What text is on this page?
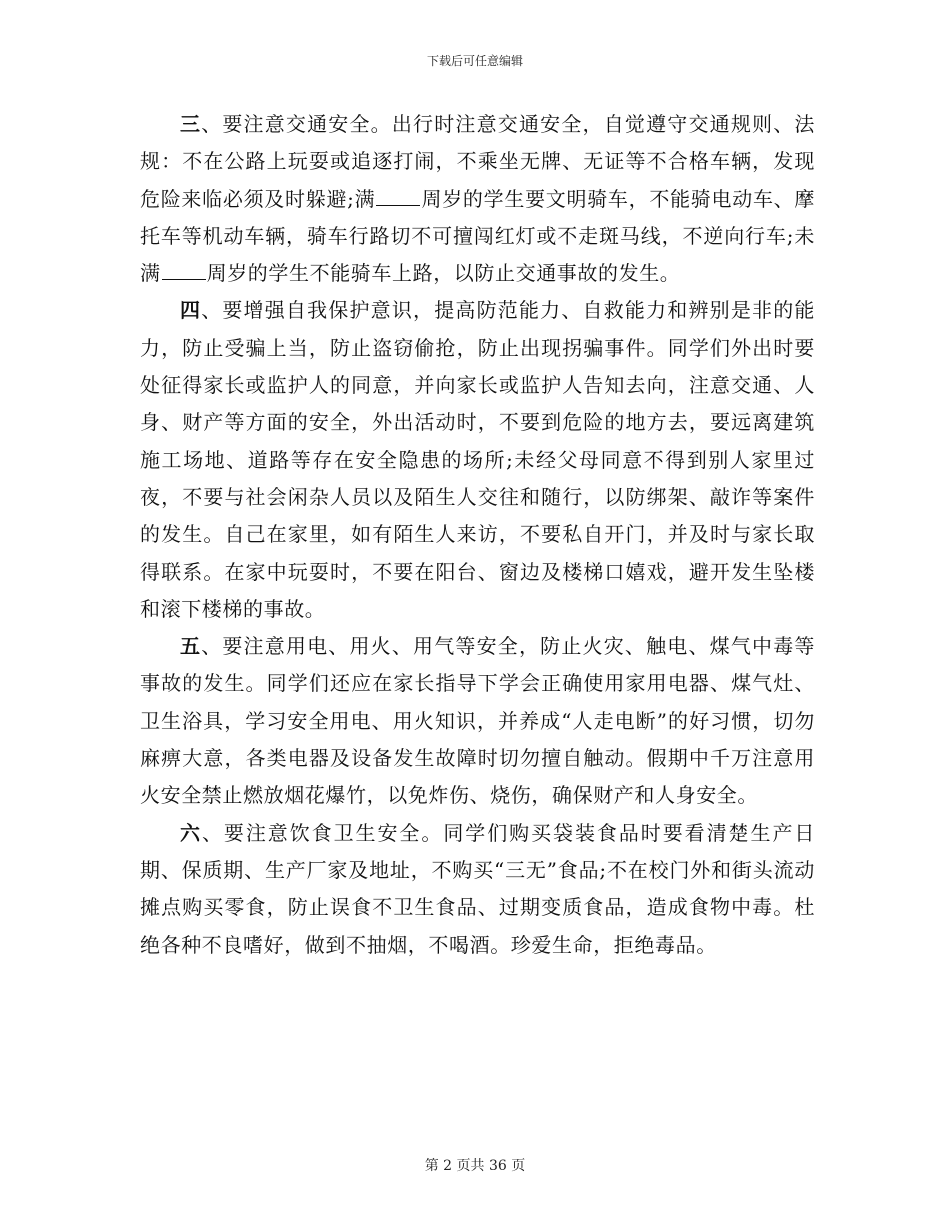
下载后可任意编辑

三、要注意交通安全。出行时注意交通安全，自觉遵守交通规则、法规：不在公路上玩耍或追逐打闹，不乘坐无牌、无证等不合格车辆，发现危险来临必须及时躲避;满 周岁的学生要文明骑车，不能骑电动车、摩托车等机动车辆，骑车行路切不可擅闯红灯或不走斑马线，不逆向行车;未满 周岁的学生不能骑车上路，以防止交通事故的发生。

四、要增强自我保护意识，提高防范能力、自救能力和辨别是非的能力，防止受骗上当，防止盗窃偷抢，防止出现拐骗事件。同学们外出时要处征得家长或监护人的同意，并向家长或监护人告知去向，注意交通、人身、财产等方面的安全，外出活动时，不要到危险的地方去，要远离建筑施工场地、道路等存在安全隐患的场所;未经父母同意不得到别人家里过夜，不要与社会闲杂人员以及陌生人交往和随行，以防绑架、敲诈等案件的发生。自己在家里，如有陌生人来访，不要私自开门，并及时与家长取得联系。在家中玩耍时，不要在阳台、窗边及楼梯口嬉戏，避开发生坠楼和滚下楼梯的事故。

五、要注意用电、用火、用气等安全，防止火灾、触电、煤气中毒等事故的发生。同学们还应在家长指导下学会正确使用家用电器、煤气灶、卫生浴具，学习安全用电、用火知识，并养成“人走电断”的好习惯，切勿麻痹大意，各类电器及设备发生故障时切勿擅自触动。假期中千万注意用火安全禁止燃放烟花爆竹，以免炸伤、烧伤，确保财产和人身安全。

六、要注意饮食卫生安全。同学们购买袋装食品时要看清楚生产日期、保质期、生产厂家及地址，不购买“三无”食品;不在校门外和街头流动摊点购买零食，防止误食不卫生食品、过期变质食品，造成食物中毒。杜绝各种不良嗜好，做到不抽烟，不喝酒。珍爱生命，拒绝毒品。

第 2 页共 36 页
